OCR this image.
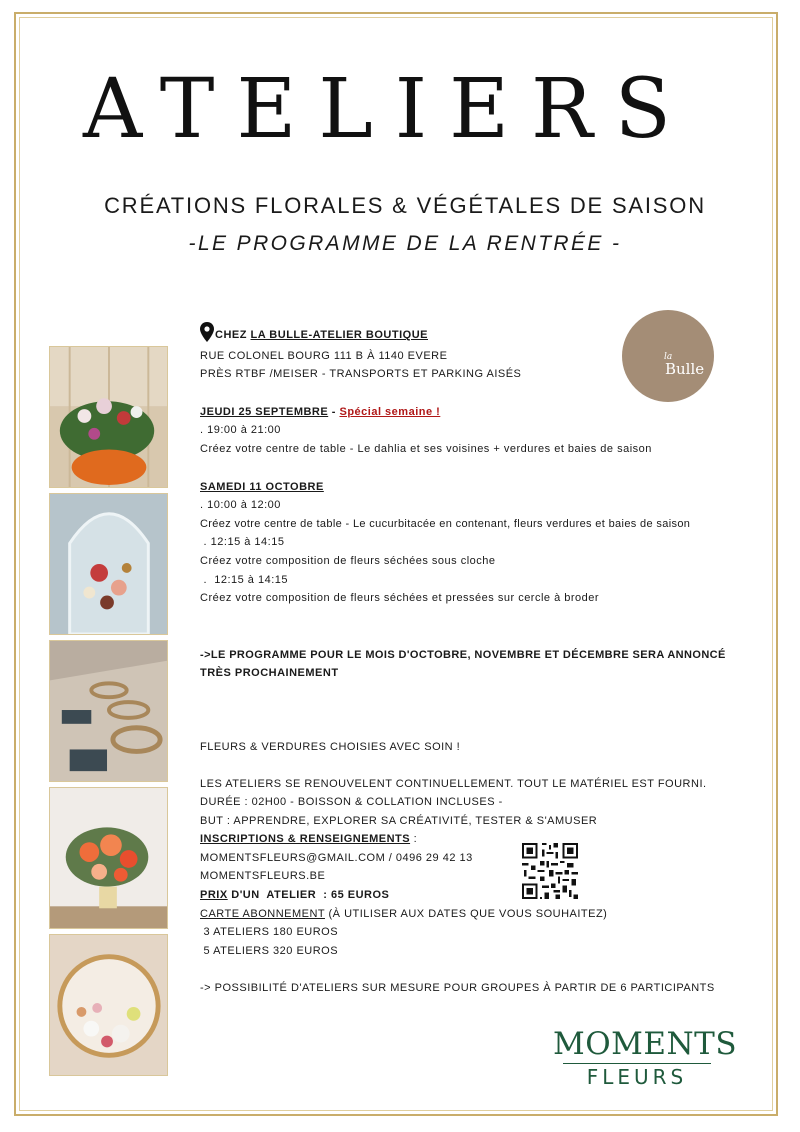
ATELIERS
CRÉATIONS FLORALES & VÉGÉTALES DE SAISON
-LE PROGRAMME DE LA RENTRÉE -
la
Bulle
CHEZ LA BULLE-ATELIER BOUTIQUE
RUE COLONEL BOURG 111 B À 1140 EVERE
PRÈS RTBF /MEISER - TRANSPORTS ET PARKING AISÉS
JEUDI 25 SEPTEMBRE - Spécial semaine !
. 19:00 à 21:00
Créez votre centre de table - Le dahlia et ses voisines + verdures et baies de saison
SAMEDI 11 OCTOBRE
. 10:00 à 12:00
Créez votre centre de table - Le cucurbitacée en contenant, fleurs verdures et baies de saison
. 12:15 à 14:15
Créez votre composition de fleurs séchées sous cloche
.  12:15 à 14:15
Créez votre composition de fleurs séchées et pressées sur cercle à broder
->LE PROGRAMME POUR LE MOIS D'OCTOBRE, NOVEMBRE ET DÉCEMBRE SERA ANNONCÉ
TRÈS PROCHAINEMENT
FLEURS & VERDURES CHOISIES AVEC SOIN !
LES ATELIERS SE RENOUVELENT CONTINUELLEMENT. TOUT LE MATÉRIEL EST FOURNI.
DURÉE : 02H00 - BOISSON & COLLATION INCLUSES -
BUT : APPRENDRE, EXPLORER SA CRÉATIVITÉ, TESTER & S'AMUSER
INSCRIPTIONS & RENSEIGNEMENTS :
MOMENTSFLEURS@GMAIL.COM / 0496 29 42 13
MOMENTSFLEURS.BE
PRIX D'UN  ATELIER  : 65 EUROS
CARTE ABONNEMENT (À UTILISER AUX DATES QUE VOUS SOUHAITEZ)
3 ATELIERS 180 EUROS
5 ATELIERS 320 EUROS
-> POSSIBILITÉ D'ATELIERS SUR MESURE POUR GROUPES À PARTIR DE 6 PARTICIPANTS
MOMENTS
FLEURS
